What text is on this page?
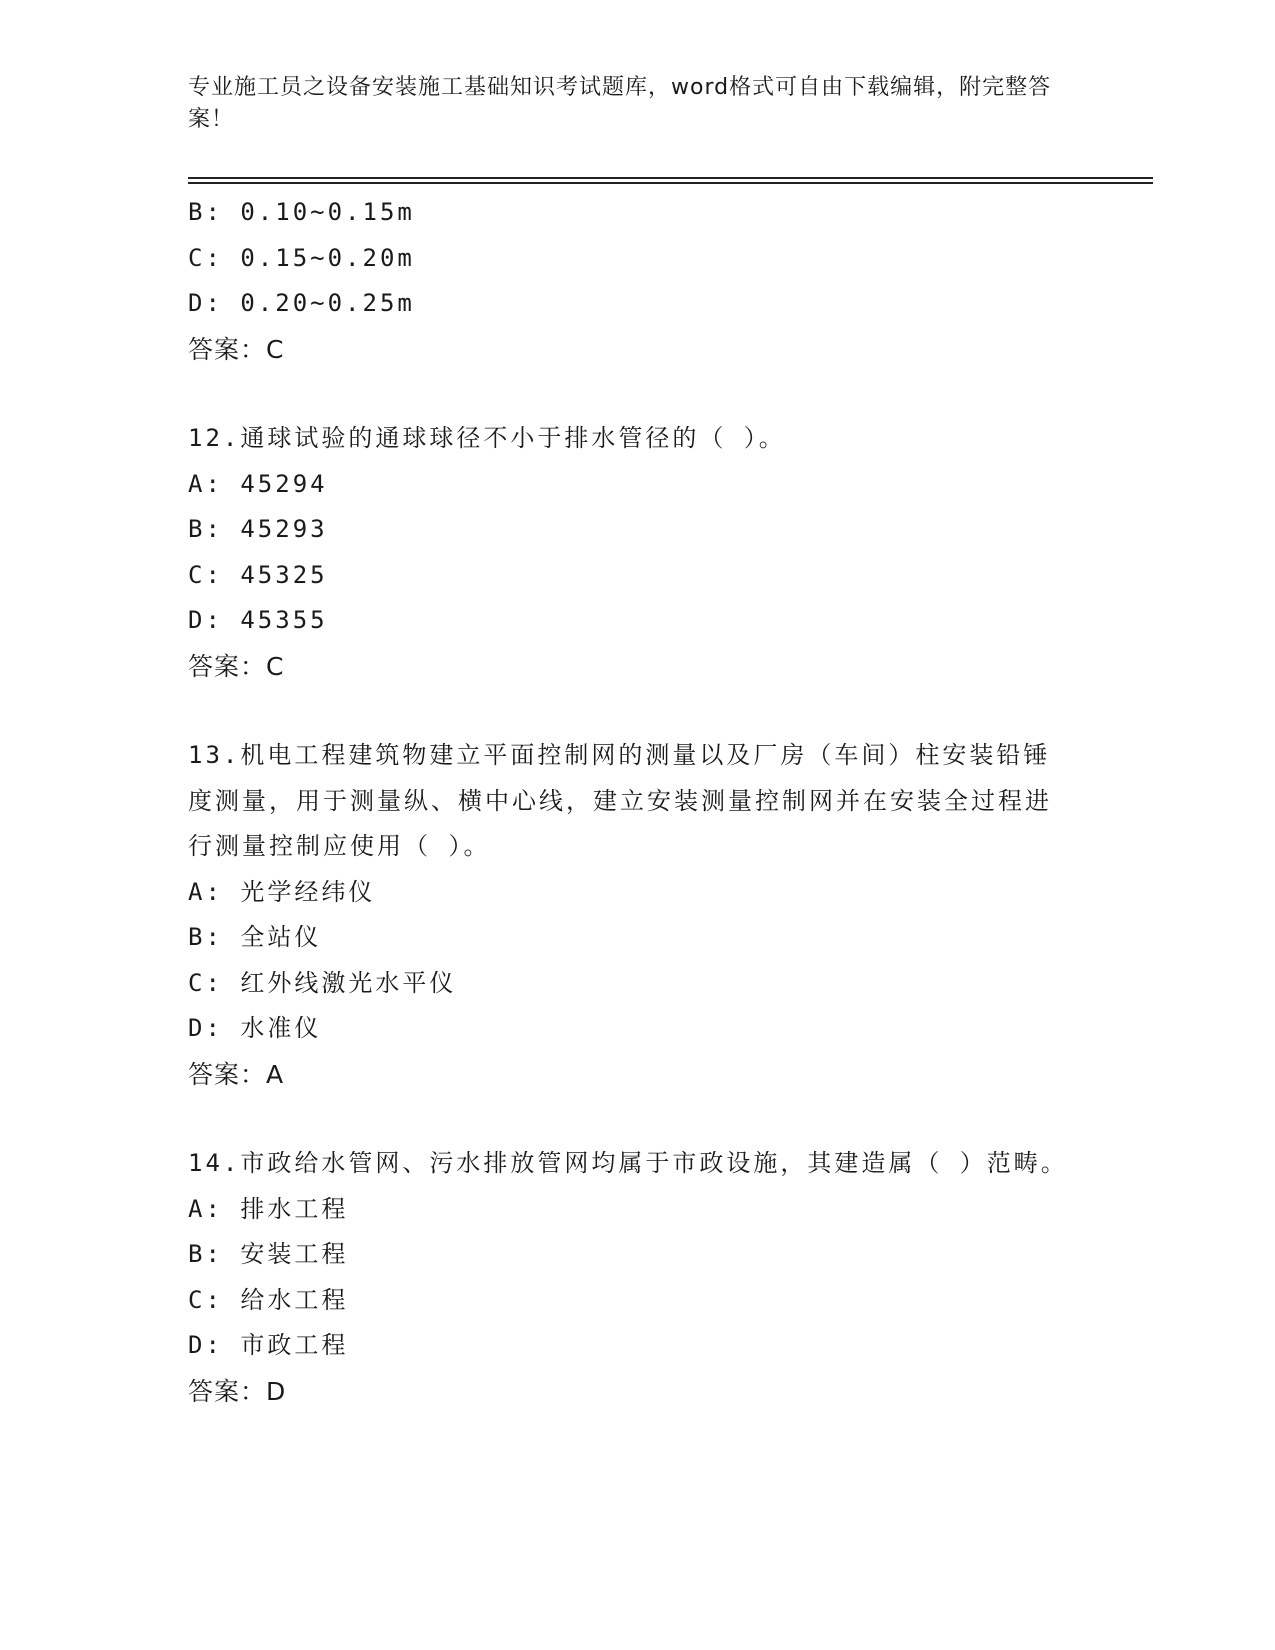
专业施工员之设备安装施工基础知识考试题库，word格式可自由下载编辑，附完整答案！
B: 0.10~0.15m
C: 0.15~0.20m
D: 0.20~0.25m
答案：C
12.通球试验的通球球径不小于排水管径的（ ）。
A: 45294
B: 45293
C: 45325
D: 45355
答案：C
13.机电工程建筑物建立平面控制网的测量以及厂房（车间）柱安装铅锤度测量，用于测量纵、横中心线，建立安装测量控制网并在安装全过程进行测量控制应使用（ ）。
A: 光学经纬仪
B: 全站仪
C: 红外线激光水平仪
D: 水准仪
答案：A
14.市政给水管网、污水排放管网均属于市政设施，其建造属（ ）范畴。
A: 排水工程
B: 安装工程
C: 给水工程
D: 市政工程
答案：D
